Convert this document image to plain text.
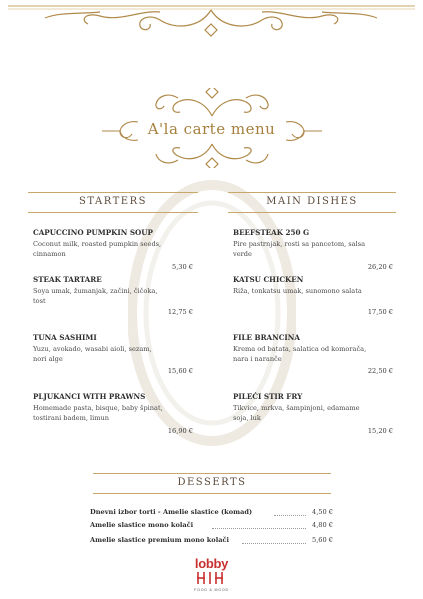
A'la carte menu
STARTERS	MAIN DISHES
CAPUCCINO PUMPKIN SOUP
Coconut milk, roasted pumpkin seeds,
cinnamon
5,30 €
STEAK TARTARE
Soya umak, žumanjak, začini, čičoka,
tost
12,75 €
TUNA SASHIMI
Yuzu, avokado, wasabi aioli, sezam,
nori alge
15,60 €
PLJUKANCI WITH PRAWNS
Homemade pasta, bisque, baby špinat,
tostirani badem, limun
16,90 €
BEEFSTEAK 250 G
Pire pastrnjak, rosti sa pancetom, salsa
verde
26,20 €
KATSU CHICKEN
Riža, tonkatsu umak, sunomono salata
17,50 €
FILE BRANCINA
Krema od batata, salatica od komorača,
nara i naranče
22,50 €
PILEĆI STIR FRY
Tikvice, mrkva, šampinjoni, edamame
soja, luk
15,20 €
DESSERTS
Dnevni izbor torti - Amelie slastice (komad)	4,50 €
Amelie slastice mono kolači	4,80 €
Amelie slastice premium mono kolači	5,60 €
lobby
FOOD & MOOD
